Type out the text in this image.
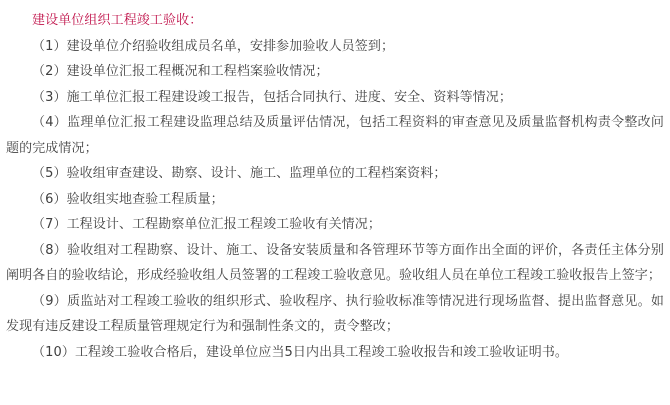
建设单位组织工程竣工验收：

（1）建设单位介绍验收组成员名单，安排参加验收人员签到；

（2）建设单位汇报工程概况和工程档案验收情况；

（3）施工单位汇报工程建设竣工报告，包括合同执行、进度、安全、资料等情况；

（4）监理单位汇报工程建设监理总结及质量评估情况，包括工程资料的审查意见及质量监督机构责令整改问题的完成情况；

（5）验收组审查建设、勘察、设计、施工、监理单位的工程档案资料；

（6）验收组实地查验工程质量；

（7）工程设计、工程勘察单位汇报工程竣工验收有关情况；

（8）验收组对工程勘察、设计、施工、设备安装质量和各管理环节等方面作出全面的评价，各责任主体分别阐明各自的验收结论，形成经验收组人员签署的工程竣工验收意见。验收组人员在单位工程竣工验收报告上签字；

（9）质监站对工程竣工验收的组织形式、验收程序、执行验收标准等情况进行现场监督、提出监督意见。如发现有违反建设工程质量管理规定行为和强制性条文的，责令整改；

（10）工程竣工验收合格后，建设单位应当5日内出具工程竣工验收报告和竣工验收证明书。
